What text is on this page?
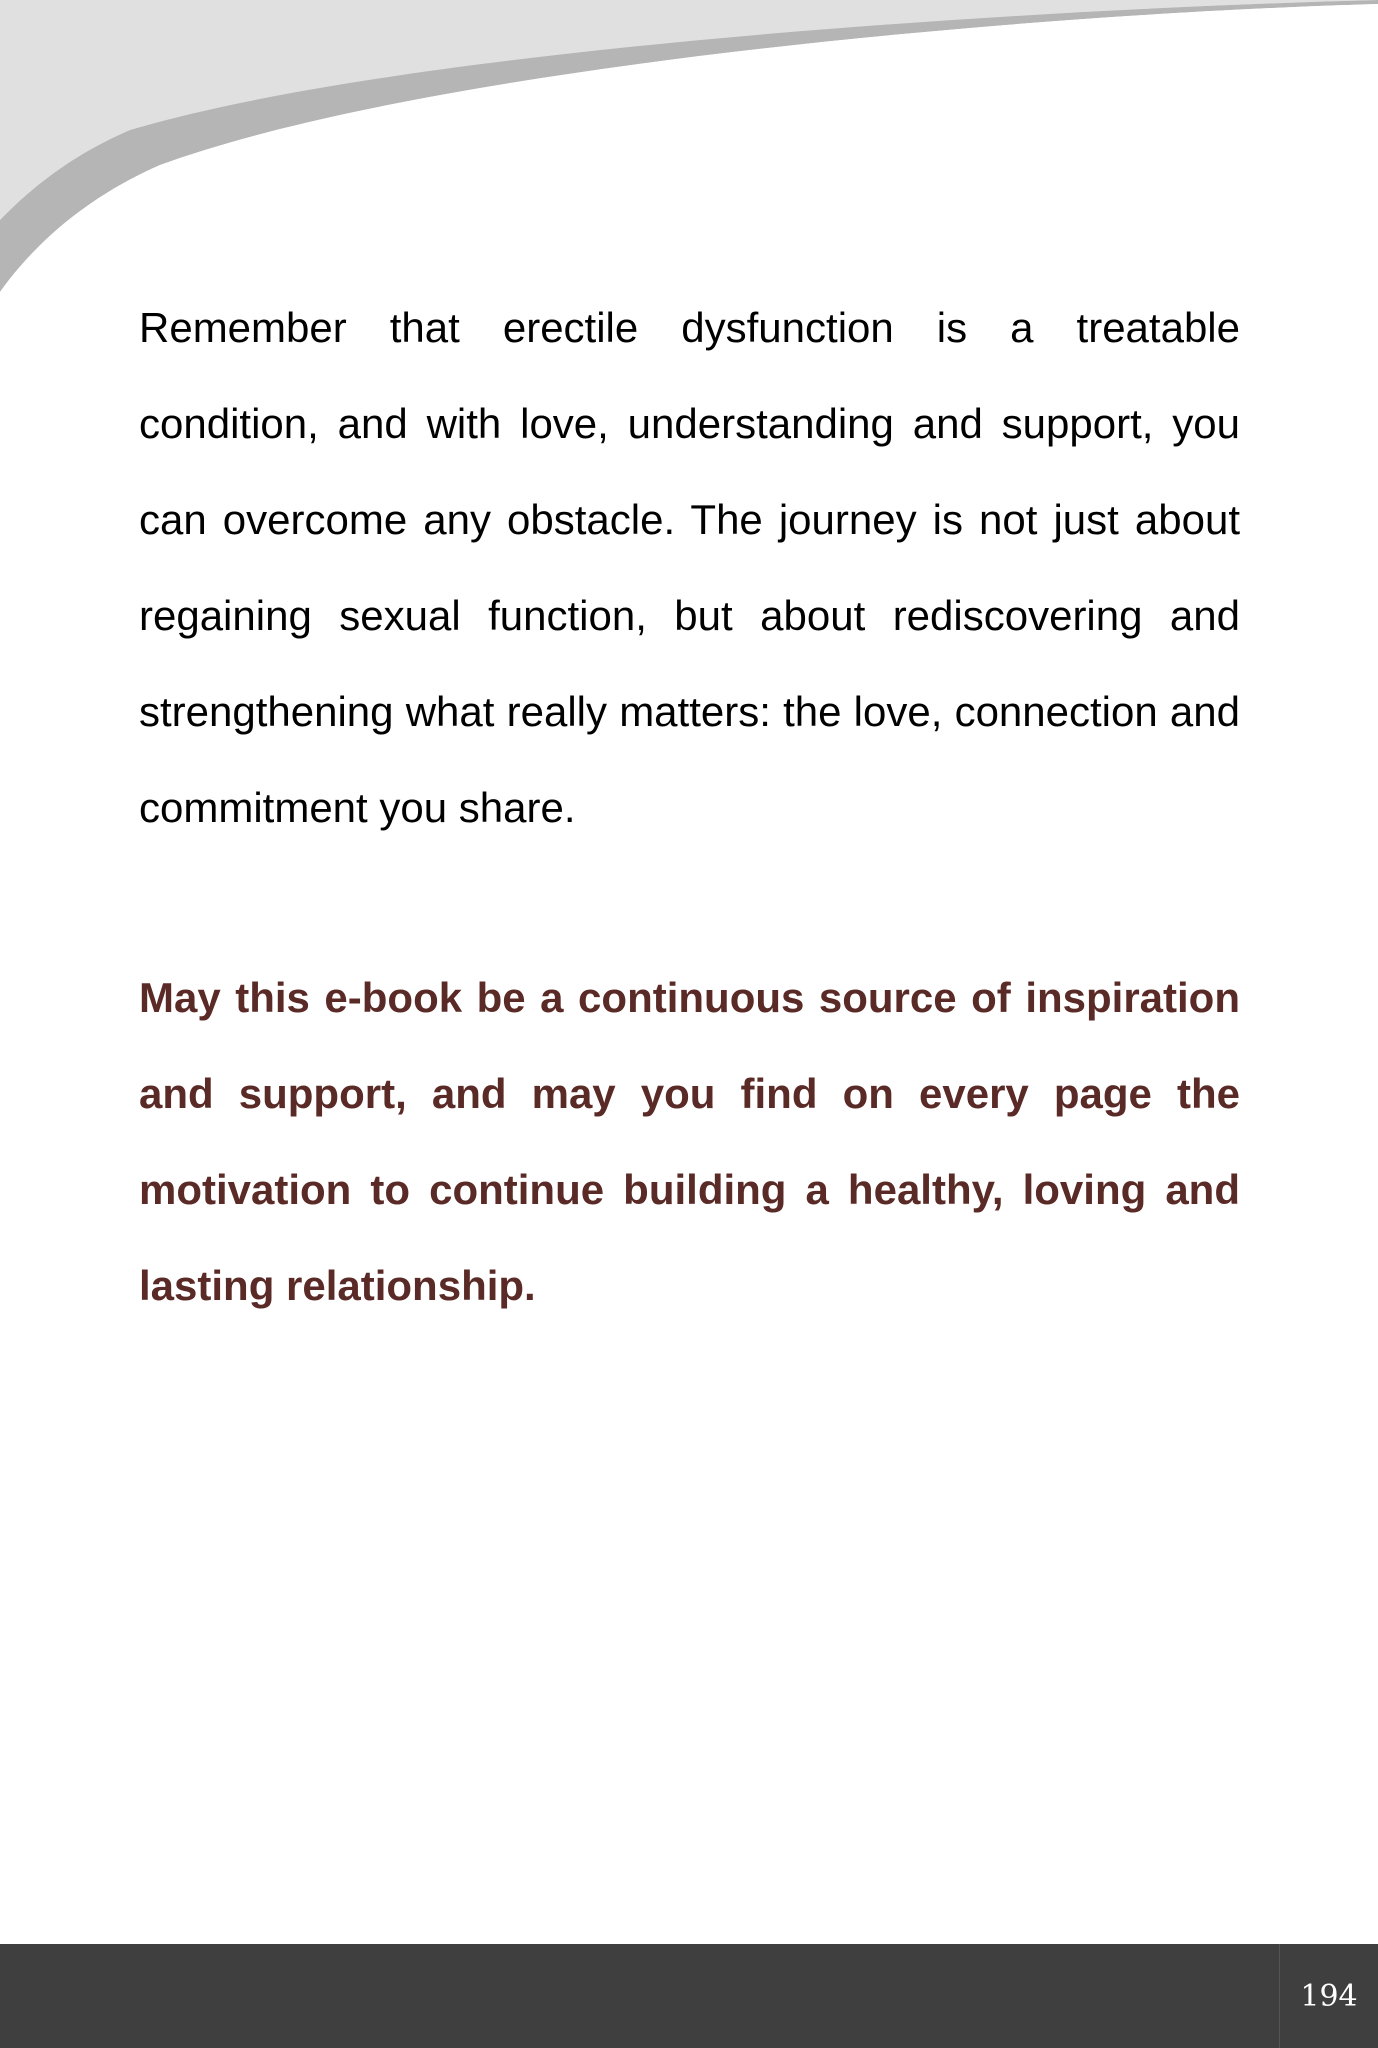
Remember that erectile dysfunction is a treatable condition, and with love, understanding and support, you can overcome any obstacle. The journey is not just about regaining sexual function, but about rediscovering and strengthening what really matters: the love, connection and commitment you share.

May this e-book be a continuous source of inspiration and support, and may you find on every page the motivation to continue building a healthy, loving and lasting relationship.

194
